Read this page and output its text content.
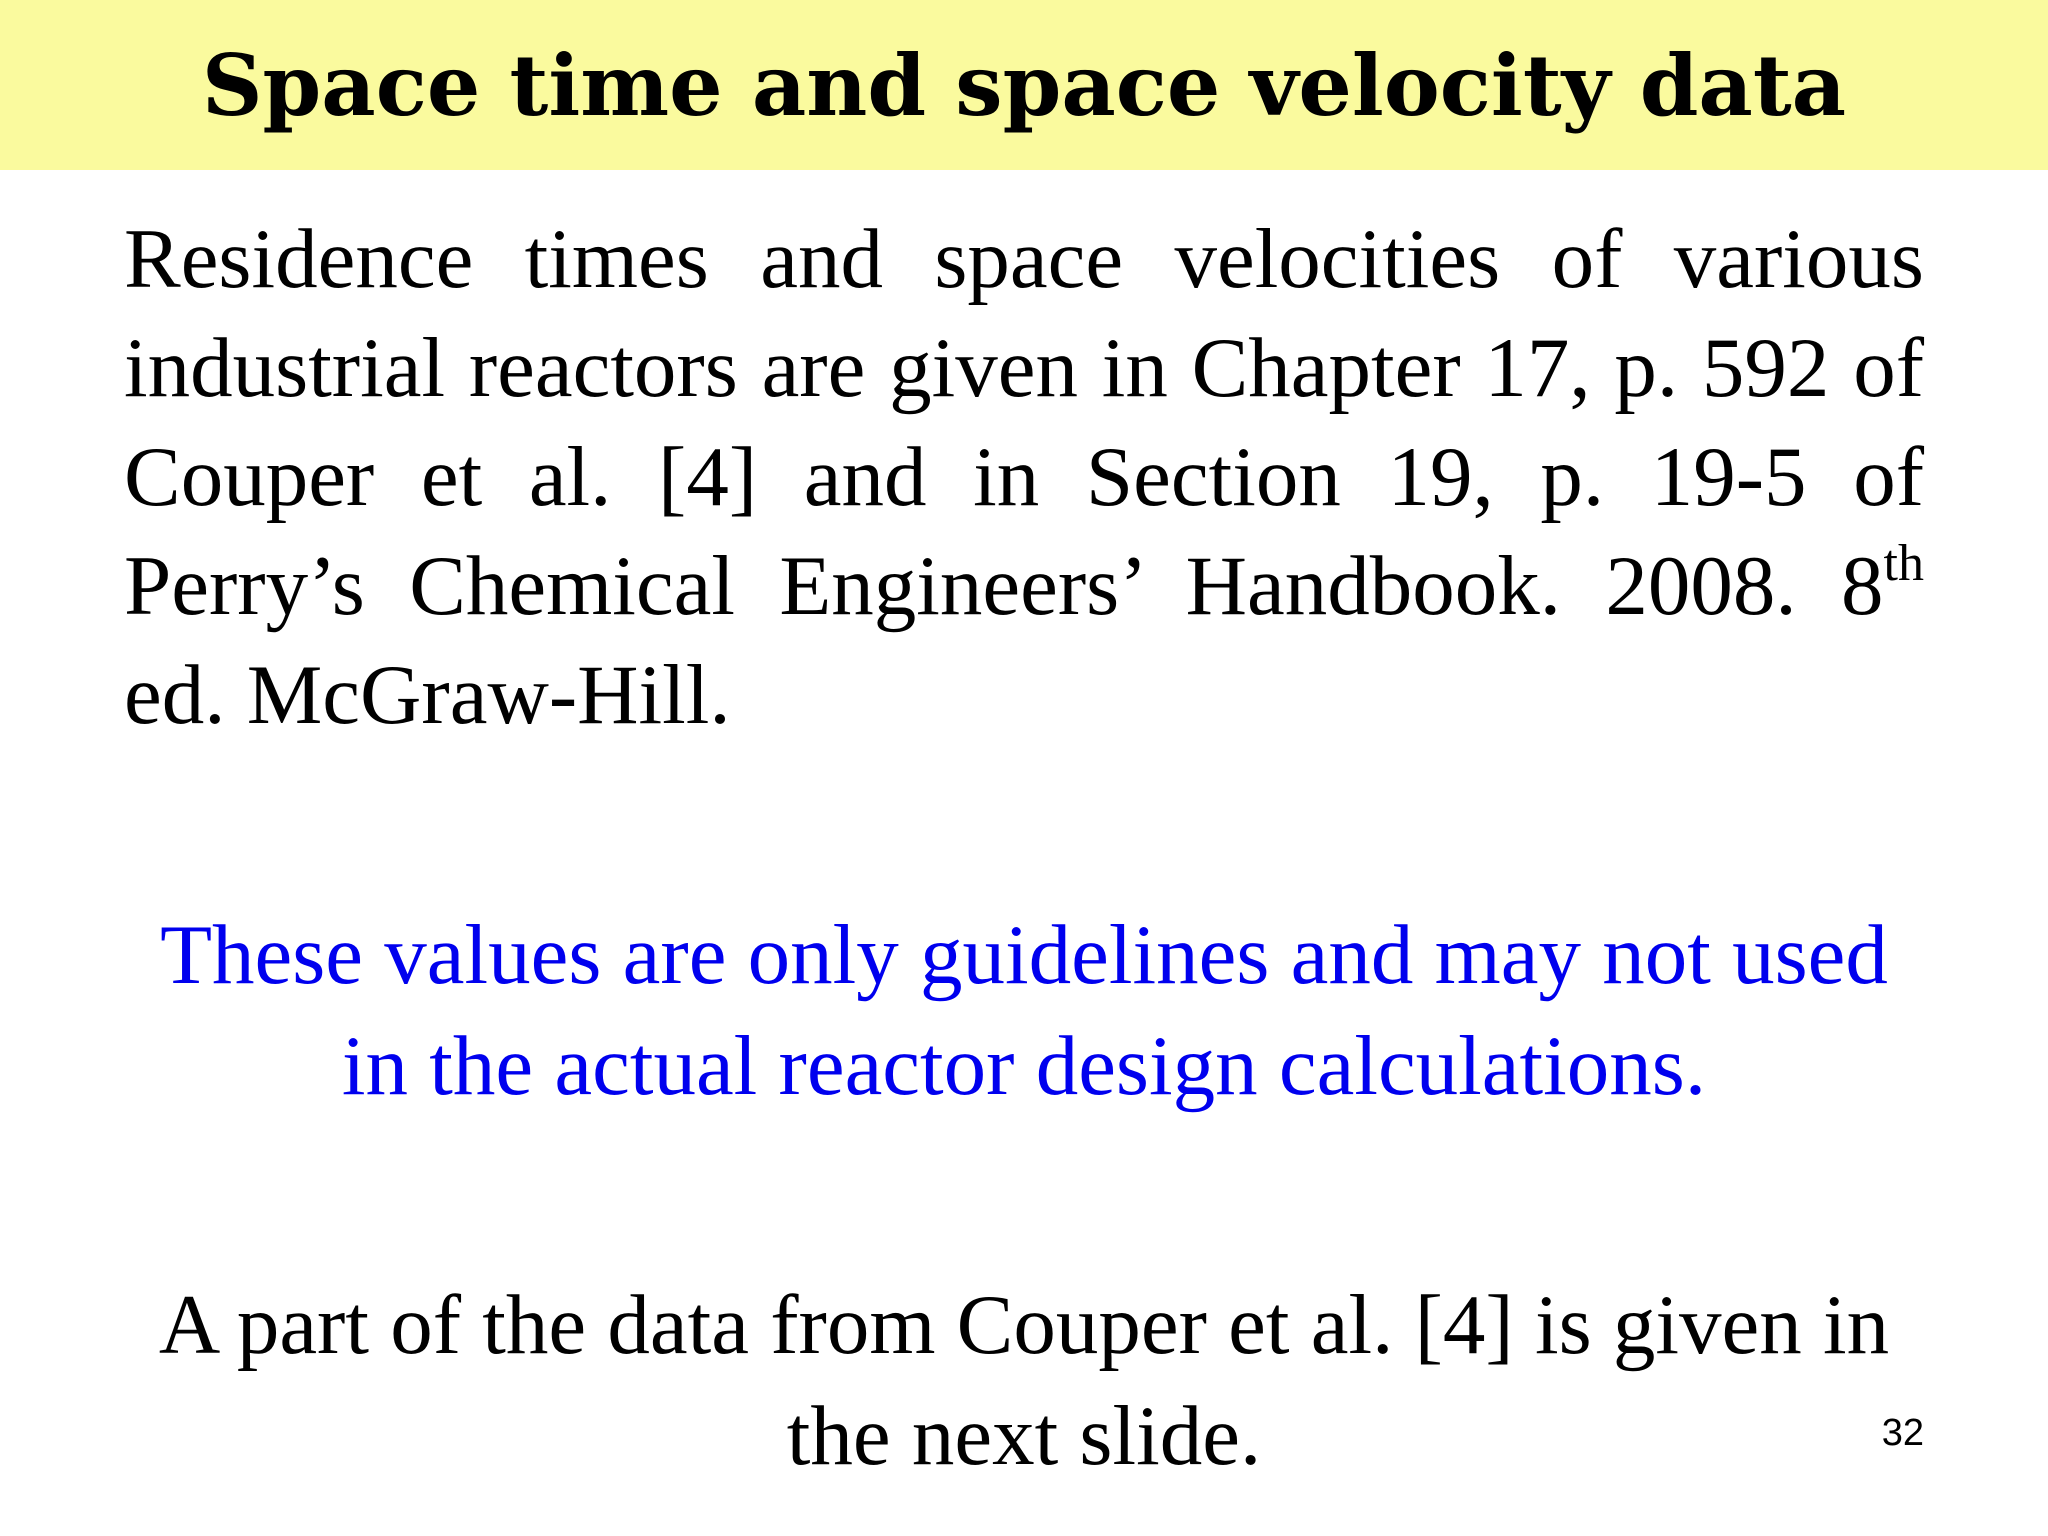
Space time and space velocity data

Residence times and space velocities of various industrial reactors are given in Chapter 17, p. 592 of Couper et al. [4] and in Section 19, p. 19-5 of Perry’s Chemical Engineers’ Handbook. 2008. 8th ed. McGraw-Hill.

These values are only guidelines and may not used in the actual reactor design calculations.

A part of the data from Couper et al. [4] is given in the next slide.	32
